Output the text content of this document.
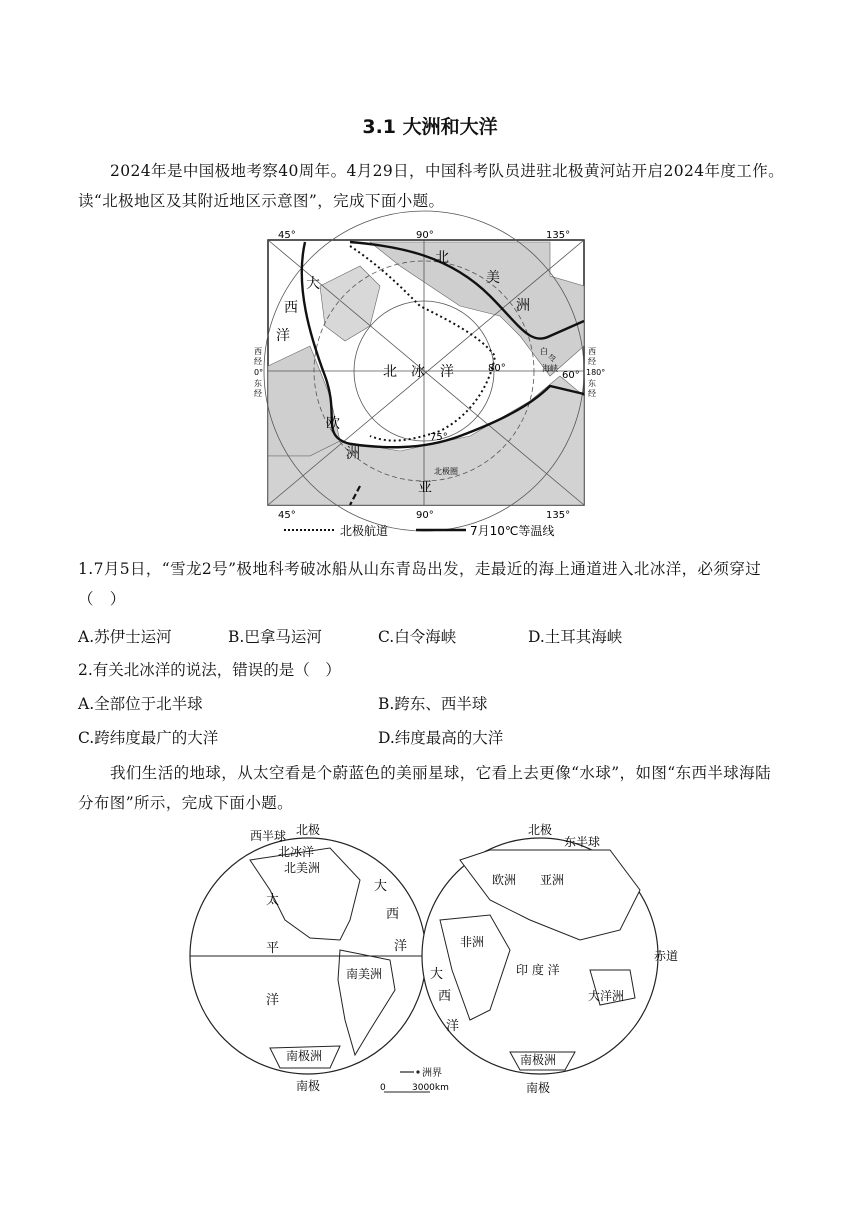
3.1 大洲和大洋
2024年是中国极地考察40周年。4月29日，中国科考队员进驻北极黄河站开启2024年度工作。读“北极地区及其附近地区示意图”，完成下面小题。
45°	90°	135°
45°	90°	135°
西
经
0°
东
经
西
经
180°
东
经
大
西
洋
北
美
洲
欧
洲
亚
北 冰 洋
白
令
海 峡
80°
60°
75°
北极圈
北极航道	7月10℃等温线
1.7月5日，“雪龙2号”极地科考破冰船从山东青岛出发，走最近的海上通道进入北冰洋，必须穿过（　）
A.苏伊士运河	B.巴拿马运河	C.白令海峡	D.土耳其海峡
2.有关北冰洋的说法，错误的是（　）
A.全部位于北半球	B.跨东、西半球
C.跨纬度最广的大洋	D.纬度最高的大洋
我们生活的地球，从太空看是个蔚蓝色的美丽星球，它看上去更像“水球”，如图“东西半球海陆分布图”所示，完成下面小题。
西半球 北极
北冰洋
北美洲
太
平
洋
大
西
洋
南美洲
南极洲
南极
北极
东半球
欧洲 亚洲
非洲
大
西
洋
印 度 洋
大洋洲
南极洲
南极
赤道
洲界
0	3000km
